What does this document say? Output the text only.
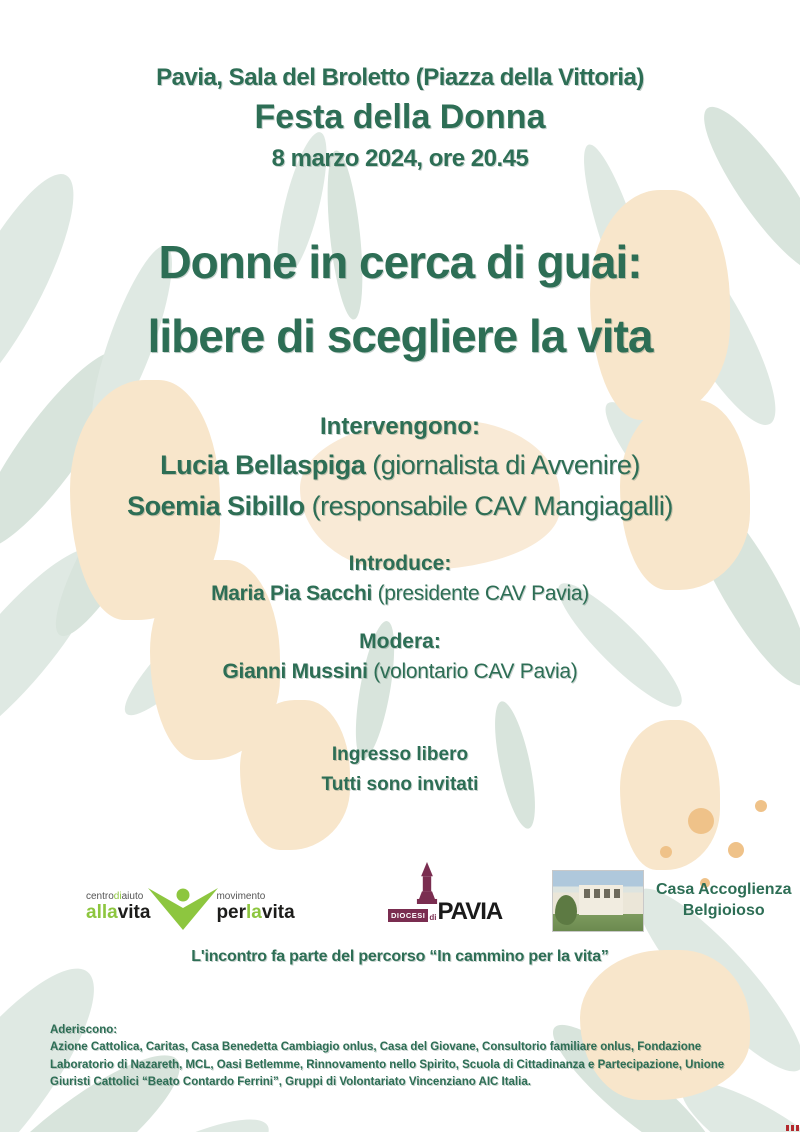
Pavia, Sala del Broletto (Piazza della Vittoria)
Festa della Donna
8 marzo 2024, ore 20.45
Donne in cerca di guai:
libere di scegliere la vita
Intervengono:
Lucia Bellaspiga (giornalista di Avvenire)
Soemia Sibillo (responsabile CAV Mangiagalli)
Introduce:
Maria Pia Sacchi (presidente CAV Pavia)
Modera:
Gianni Mussini (volontario CAV Pavia)
Ingresso libero
Tutti sono invitati
centrodiaiuto
allavita
movimento
perlavita	DIOCESI di PAVIA
Casa Accoglienza
Belgioioso
L'incontro fa parte del percorso “In cammino per la vita”
Aderiscono:
Azione Cattolica, Caritas, Casa Benedetta Cambiagio onlus, Casa del Giovane, Consultorio familiare onlus, Fondazione Laboratorio di Nazareth, MCL, Oasi Betlemme, Rinnovamento nello Spirito, Scuola di Cittadinanza e Partecipazione, Unione Giuristi Cattolici “Beato Contardo Ferrini”, Gruppi di Volontariato Vincenziano AIC Italia.
